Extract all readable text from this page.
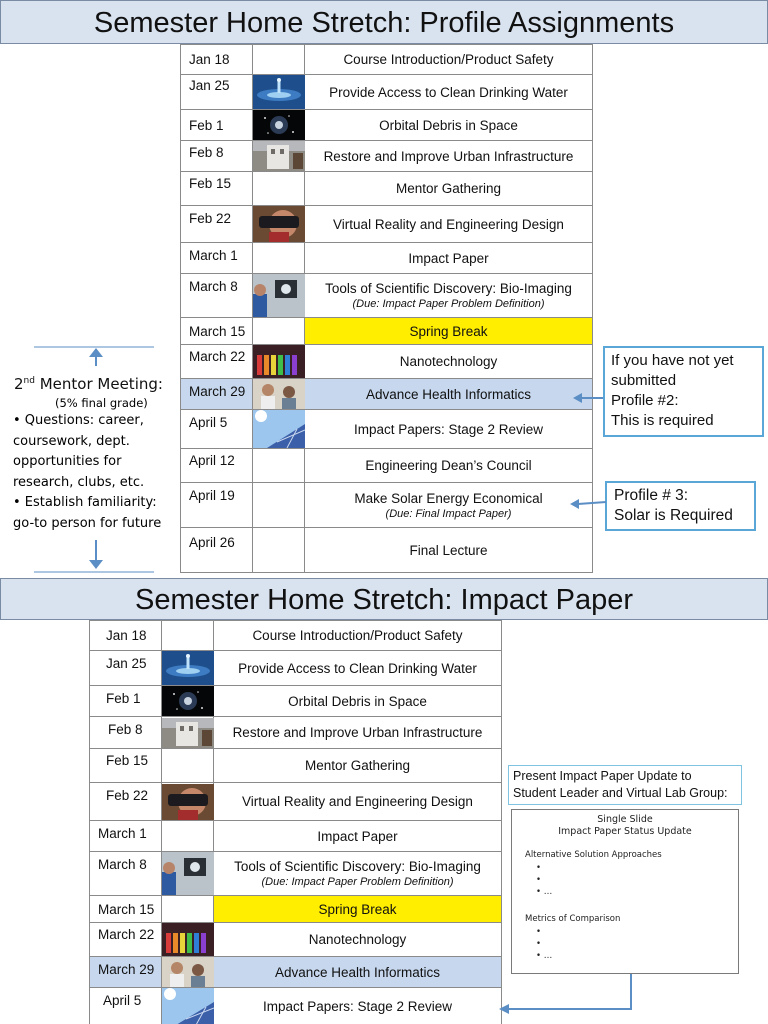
Semester Home Stretch: Profile Assignments
Jan 18		Course Introduction/Product Safety
Jan 25		Provide Access to Clean Drinking Water
Feb 1		Orbital Debris in Space
Feb 8		Restore and Improve Urban Infrastructure
Feb 15		Mentor Gathering
Feb 22		Virtual Reality and Engineering Design
March 1		Impact Paper
March 8		Tools of Scientific Discovery: Bio-Imaging
(Due: Impact Paper Problem Definition)

March 15		Spring Break
March 22		Nanotechnology
March 29		Advance Health Informatics
April 5		Impact Papers: Stage 2 Review
April 12		Engineering Dean’s Council
April 19		Make Solar Energy Economical
(Due: Final Impact Paper)

April 26		Final Lecture
2nd Mentor Meeting:
(5% final grade)
• Questions: career,
coursework, dept.
opportunities for
research, clubs, etc.
• Establish familiarity:
go-to person for future
If you have not yet
submitted
Profile #2:
This is required
Profile # 3:
Solar is Required
Semester Home Stretch: Impact Paper
Jan 18		Course Introduction/Product Safety
Jan 25		Provide Access to Clean Drinking Water
Feb 1		Orbital Debris in Space
Feb 8		Restore and Improve Urban Infrastructure
Feb 15		Mentor Gathering
Feb 22		Virtual Reality and Engineering Design
March 1		Impact Paper
March 8		Tools of Scientific Discovery: Bio-Imaging
(Due: Impact Paper Problem Definition)

March 15		Spring Break
March 22		Nanotechnology
March 29		Advance Health Informatics
April 5		Impact Papers: Stage 2 Review
Present Impact Paper Update to
Student Leader and Virtual Lab Group:
Single Slide
Impact Paper Status Update
Alternative Solution Approaches
•
•
• …
Metrics of Comparison
•
•
• …
